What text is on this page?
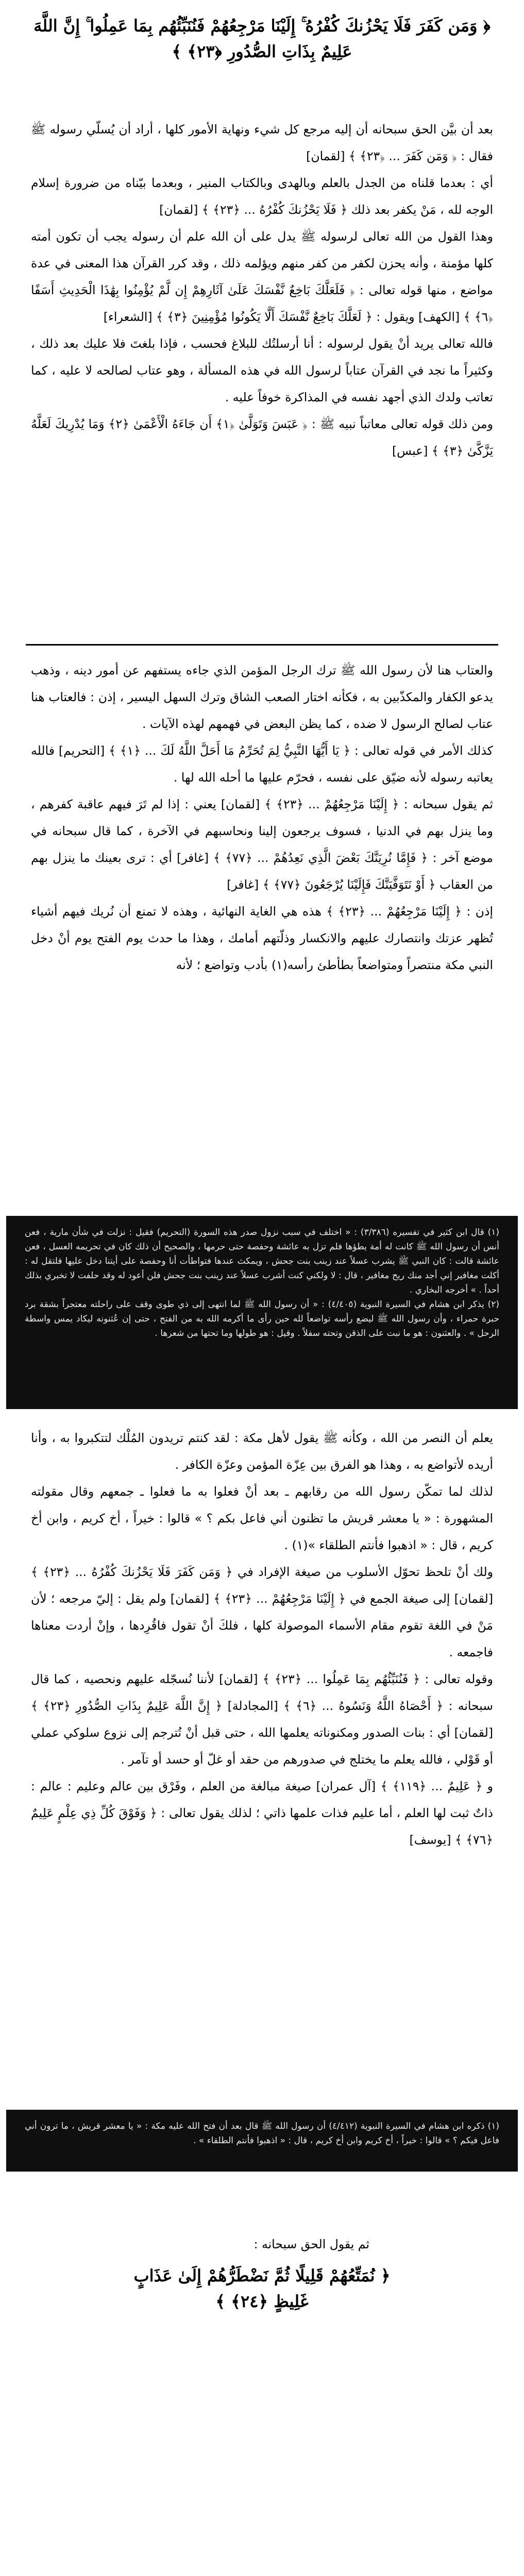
﴿ وَمَن كَفَرَ فَلَا يَحْزُنكَ كُفْرُهُ ۚ إِلَيْنَا مَرْجِعُهُمْ فَنُنَبِّئُهُم بِمَا عَمِلُوا ۚ إِنَّ اللَّهَ عَلِيمٌ بِذَاتِ الصُّدُورِ ﴿٢٣﴾ ﴾

بعد أن بيَّن الحق سبحانه أن إليه مرجع كل شيء ونهاية الأمور كلها ، أراد أن يُسلّي رسوله ﷺ فقال : ﴿ وَمَن كَفَرَ ... ﴿٢٣﴾ ﴾ [لقمان]

أي : بعدما قلناه من الجدل بالعلم وبالهدى وبالكتاب المنير ، وبعدما بيّناه من ضرورة إسلام الوجه لله ، مَنْ يكفر بعد ذلك ﴿ فَلَا يَحْزُنكَ كُفْرُهُ ... ﴿٢٣﴾ ﴾ [لقمان]

وهذا القول من الله تعالى لرسوله ﷺ يدل على أن الله علم أن رسوله يجب أن تكون أمته كلها مؤمنة ، وأنه يحزن لكفر من كفر منهم ويؤلمه ذلك ، وقد كرر القرآن هذا المعنى في عدة مواضع ، منها قوله تعالى : ﴿ فَلَعَلَّكَ بَاخِعٌ نَّفْسَكَ عَلَىٰ آثَارِهِمْ إِن لَّمْ يُؤْمِنُوا بِهَٰذَا الْحَدِيثِ أَسَفًا ﴿٦﴾ ﴾ [الكهف] ويقول : ﴿ لَعَلَّكَ بَاخِعٌ نَّفْسَكَ أَلَّا يَكُونُوا مُؤْمِنِينَ ﴿٣﴾ ﴾ [الشعراء]

فالله تعالى يريد أنْ يقول لرسوله : أنا أرسلتُك للبلاغ فحسب ، فإذا بلغتَ فلا عليك بعد ذلك ، وكثيراً ما نجد في القرآن عتاباً لرسول الله في هذه المسألة ، وهو عتاب لصالحه لا عليه ، كما تعاتب ولدك الذي أجهد نفسه في المذاكرة خوفاً عليه .

ومن ذلك قوله تعالى معاتباً نبيه ﷺ : ﴿ عَبَسَ وَتَوَلَّىٰ ﴿١﴾ أَن جَاءَهُ الْأَعْمَىٰ ﴿٢﴾ وَمَا يُدْرِيكَ لَعَلَّهُ يَزَّكَّىٰ ﴿٣﴾ ﴾ [عبس]

والعتاب هنا لأن رسول الله ﷺ ترك الرجل المؤمن الذي جاءه يستفهم عن أمور دينه ، وذهب يدعو الكفار والمكذّبين به ، فكأنه اختار الصعب الشاق وترك السهل اليسير ، إذن : فالعتاب هنا عتاب لصالح الرسول لا ضده ، كما يظن البعض في فهمهم لهذه الآيات .

كذلك الأمر في قوله تعالى : ﴿ يَا أَيُّهَا النَّبِيُّ لِمَ تُحَرِّمُ مَا أَحَلَّ اللَّهُ لَكَ ... ﴿١﴾ ﴾ [التحريم] فالله يعاتبه رسوله لأنه ضيّق على نفسه ، فحرّم عليها ما أحله الله لها .

ثم يقول سبحانه : ﴿ إِلَيْنَا مَرْجِعُهُمْ ... ﴿٢٣﴾ ﴾ [لقمان] يعني : إذا لم تَرَ فيهم عاقبة كفرهم ، وما ينزل بهم في الدنيا ، فسوف يرجعون إلينا ونحاسبهم في الآخرة ، كما قال سبحانه في موضع آخر : ﴿ فَإِمَّا نُرِيَنَّكَ بَعْضَ الَّذِي نَعِدُهُمْ ... ﴿٧٧﴾ ﴾ [غافر] أي : ترى بعينك ما ينزل بهم من العقاب ﴿ أَوْ نَتَوَفَّيَنَّكَ فَإِلَيْنَا يُرْجَعُونَ ﴿٧٧﴾ ﴾ [غافر]

إذن : ﴿ إِلَيْنَا مَرْجِعُهُمْ ... ﴿٢٣﴾ ﴾ هذه هي الغاية النهائية ، وهذه لا تمنع أن نُريك فيهم أشياء تُظهر عزتك وانتصارك عليهم والانكسار وذلّتهم أمامك ، وهذا ما حدث يوم الفتح يوم أنْ دخل النبي مكة منتصراً ومتواضعاً بطأطئ رأسه(١) بأدب وتواضع ؛ لأنه

(١) قال ابن كثير في تفسيره (٣/٣٨٦) : « اختلف في سبب نزول صدر هذه السورة (التحريم) فقيل : نزلت في شأن مارية ، فعن أنس أن رسول الله ﷺ كانت له أمة يطؤها فلم تزل به عائشة وحفصة حتى حرمها ، والصحيح أن ذلك كان في تحريمه العسل ، فعن عائشة قالت : كان النبي ﷺ يشرب عسلاً عند زينب بنت جحش ، ويمكث عندها فتواطأت أنا وحفصة على أيتنا دخل عليها فلتقل له : أكلت مغافير إني أجد منك ريح مغافير ، قال : لا ولكني كنت أشرب عسلاً عند زينب بنت جحش فلن أعود له وقد حلفت لا تخبري بذلك أحداً . » أخرجه البخاري .

(٢) يذكر ابن هشام في السيرة النبوية (٤/٤٠٥) : « أن رسول الله ﷺ لما انتهى إلى ذي طوى وقف على راحلته معتجراً بشقة برد حبرة حمراء ، وأن رسول الله ﷺ ليضع رأسه تواضعاً لله حين رأى ما أكرمه الله به من الفتح ، حتى إن عُثنونه ليكاد يمس واسطة الرحل » . والعثنون : هو ما نبت على الذقن وتحته سفلاً . وقيل : هو طولها وما تحتها من شعرها .

يعلم أن النصر من الله ، وكأنه ﷺ يقول لأهل مكة : لقد كنتم تريدون المُلْك لتتكبروا به ، وأنا أريده لأتواضع به ، وهذا هو الفرق بين عِزّة المؤمن وعزّة الكافر .

لذلك لما تمكّن رسول الله من رقابهم ـ بعد أنْ فعلوا به ما فعلوا ـ جمعهم وقال مقولته المشهورة : « يا معشر قريش ما تظنون أني فاعل بكم ؟ » قالوا : خيراً ، أخ كريم ، وابن أخ كريم ، قال : « اذهبوا فأنتم الطلقاء »(١) .

ولك أنْ تلحظ تحوّل الأسلوب من صيغة الإفراد في ﴿ وَمَن كَفَرَ فَلَا يَحْزُنكَ كُفْرُهُ ... ﴿٢٣﴾ ﴾ [لقمان] إلى صيغة الجمع في ﴿ إِلَيْنَا مَرْجِعُهُمْ ... ﴿٢٣﴾ ﴾ [لقمان] ولم يقل : إليّ مرجعه ؛ لأن مَنْ في اللغة تقوم مقام الأسماء الموصولة كلها ، فلكَ أنْ تقول فاقُرِدها ، وإنْ أردت معناها فاجمعه .

وقوله تعالى : ﴿ فَنُنَبِّئُهُم بِمَا عَمِلُوا ... ﴿٢٣﴾ ﴾ [لقمان] لأننا نُسجّله عليهم ونحصيه ، كما قال سبحانه : ﴿ أَحْصَاهُ اللَّهُ وَنَسُوهُ ... ﴿٦﴾ ﴾ [المجادلة] ﴿ إِنَّ اللَّهَ عَلِيمٌ بِذَاتِ الصُّدُورِ ﴿٢٣﴾ ﴾ [لقمان] أي : بنات الصدور ومكنوناته يعلمها الله ، حتى قبل أنْ تُترجم إلى نزوع سلوكي عملي أو قَوْلي ، فالله يعلم ما يختلج في صدورهم من حقد أو غلّ أو حسد أو تآمر .

و ﴿ عَلِيمٌ ... ﴿١١٩﴾ ﴾ [آل عمران] صيغة مبالغة من العلم ، وفَرْق بين عالم وعليم : عالم : ذاتٌ ثبت لها العلم ، أما عليم فذات علمها ذاتي ؛ لذلك يقول تعالى : ﴿ وَفَوْقَ كُلِّ ذِي عِلْمٍ عَلِيمٌ ﴿٧٦﴾ ﴾ [يوسف]

(١) ذكره ابن هشام في السيرة النبوية (٤/٤١٢) أن رسول الله ﷺ قال بعد أن فتح الله عليه مكة : « يا معشر قريش ، ما ترون أني فاعل فيكم ؟ » قالوا : خيراً ، أخ كريم وابن أخ كريم ، قال : « اذهبوا فأنتم الطلقاء » .

ثم يقول الحق سبحانه :

﴿ نُمَتِّعُهُمْ قَلِيلًا ثُمَّ نَضْطَرُّهُمْ إِلَىٰ عَذَابٍ غَلِيظٍ ﴿٢٤﴾ ﴾
